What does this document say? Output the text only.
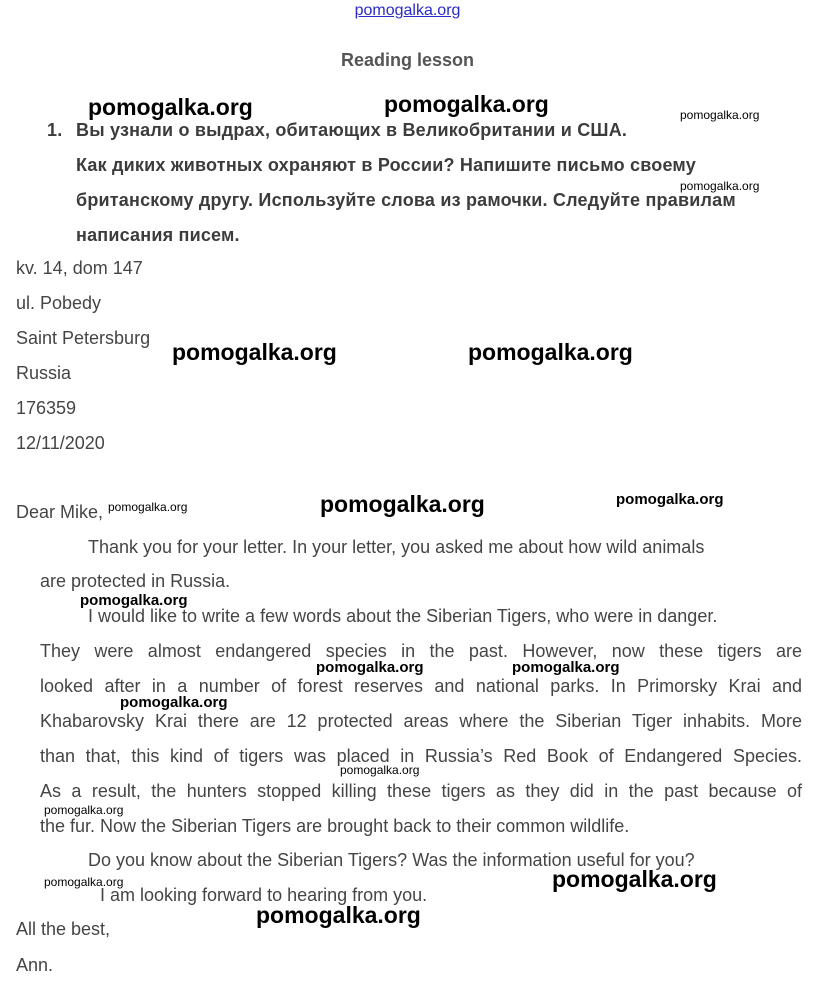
pomogalka.org
Reading lesson
1. Вы узнали о выдрах, обитающих в Великобритании и США.
Как диких животных охраняют в России? Напишите письмо своему
британскому другу. Используйте слова из рамочки. Следуйте правилам
написания писем.
kv. 14, dom 147
ul. Pobedy
Saint Petersburg
Russia
176359
12/11/2020
Dear Mike,
Thank you for your letter. In your letter, you asked me about how wild animals
are protected in Russia.
I would like to write a few words about the Siberian Tigers, who were in danger.
They were almost endangered species in the past. However, now these tigers are
looked after in a number of forest reserves and national parks. In Primorsky Krai and
Khabarovsky Krai there are 12 protected areas where the Siberian Tiger inhabits. More
than that, this kind of tigers was placed in Russia’s Red Book of Endangered Species.
As a result, the hunters stopped killing these tigers as they did in the past because of
the fur. Now the Siberian Tigers are brought back to their common wildlife.
Do you know about the Siberian Tigers? Was the information useful for you?
I am looking forward to hearing from you.
All the best,
Ann.
pomogalka.org	pomogalka.org	pomogalka.org
pomogalka.org
pomogalka.org	pomogalka.org
pomogalka.org	pomogalka.org	pomogalka.org
pomogalka.org
pomogalka.org	pomogalka.org
pomogalka.org
pomogalka.org
pomogalka.org
pomogalka.org	pomogalka.org
pomogalka.org
